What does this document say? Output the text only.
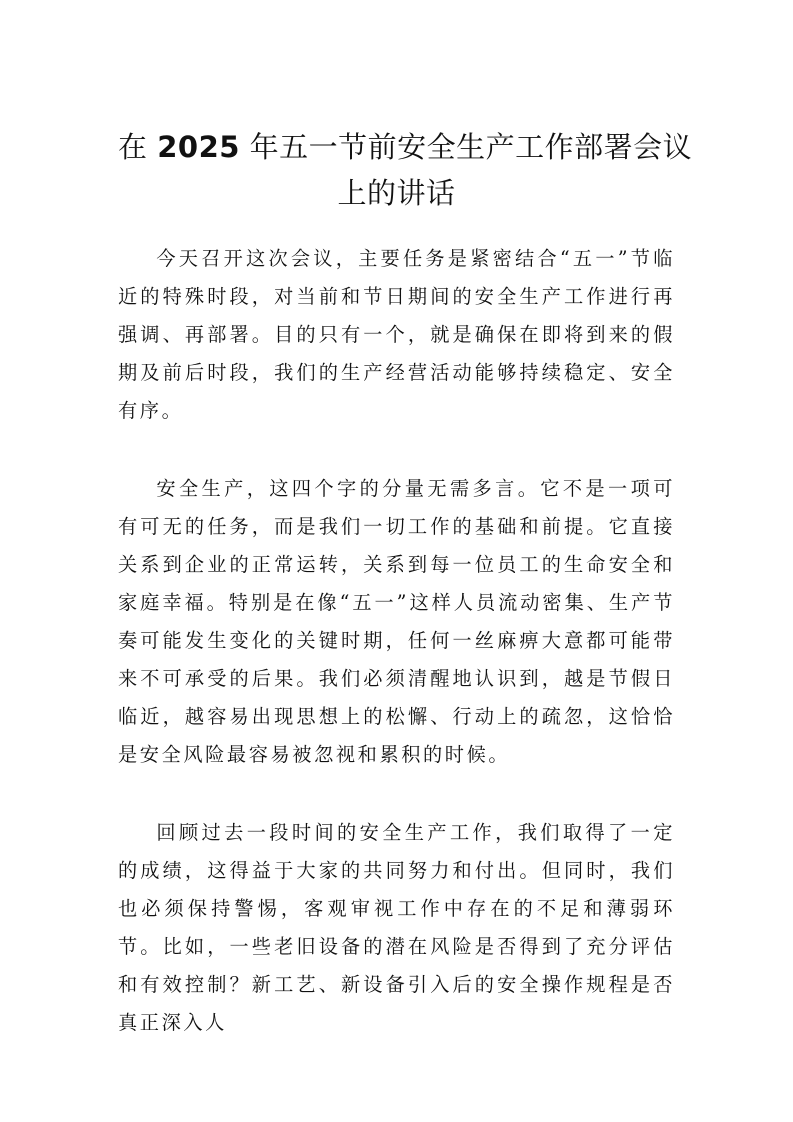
在 2025 年五一节前安全生产工作部署会议
上的讲话

今天召开这次会议，主要任务是紧密结合“五一”节临近的特殊时段，对当前和节日期间的安全生产工作进行再强调、再部署。目的只有一个，就是确保在即将到来的假期及前后时段，我们的生产经营活动能够持续稳定、安全有序。

安全生产，这四个字的分量无需多言。它不是一项可有可无的任务，而是我们一切工作的基础和前提。它直接关系到企业的正常运转，关系到每一位员工的生命安全和家庭幸福。特别是在像“五一”这样人员流动密集、生产节奏可能发生变化的关键时期，任何一丝麻痹大意都可能带来不可承受的后果。我们必须清醒地认识到，越是节假日临近，越容易出现思想上的松懈、行动上的疏忽，这恰恰是安全风险最容易被忽视和累积的时候。

回顾过去一段时间的安全生产工作，我们取得了一定的成绩，这得益于大家的共同努力和付出。但同时，我们也必须保持警惕，客观审视工作中存在的不足和薄弱环节。比如，一些老旧设备的潜在风险是否得到了充分评估和有效控制？新工艺、新设备引入后的安全操作规程是否真正深入人
